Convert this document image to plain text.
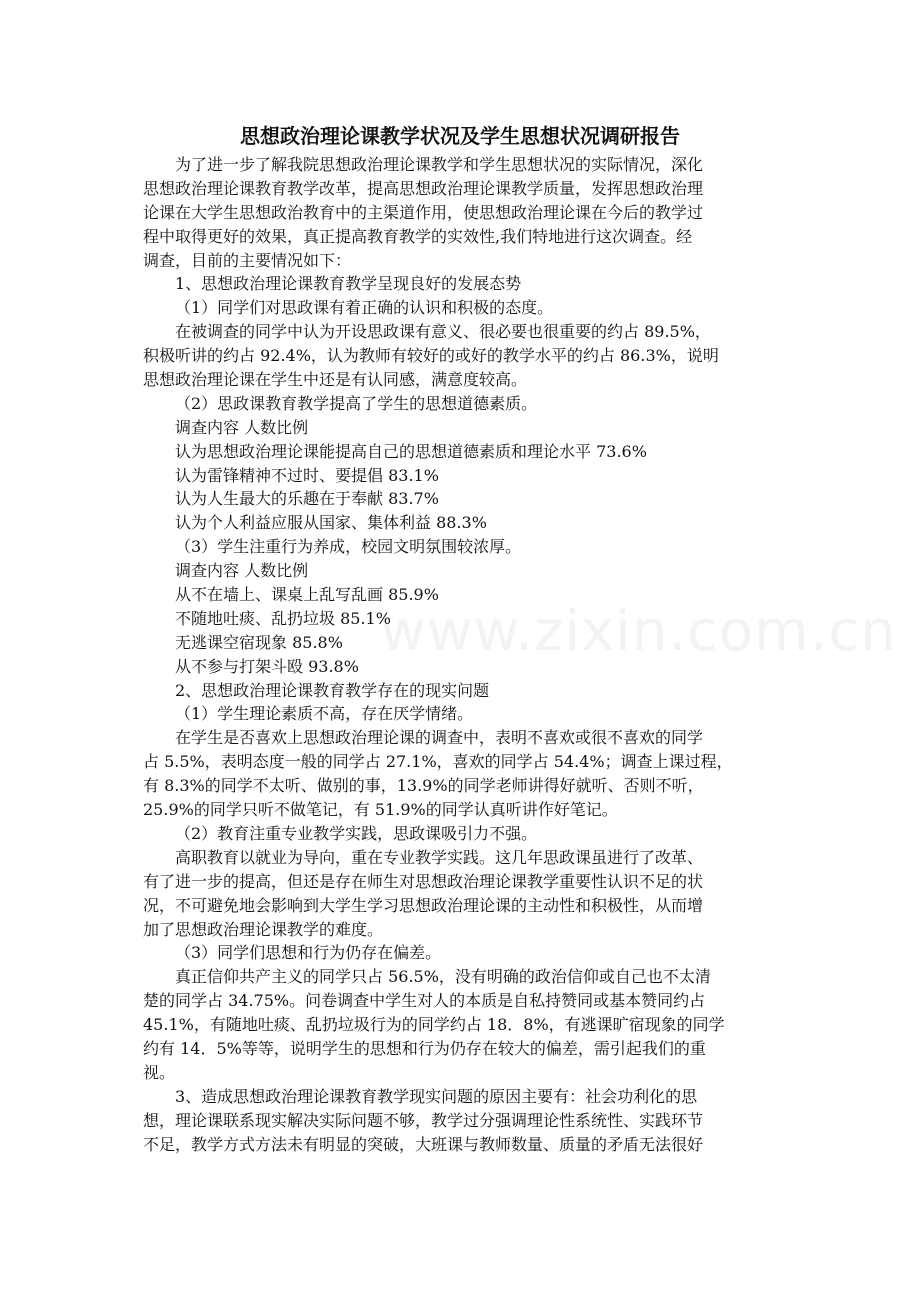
www.zixin.com.cn
思想政治理论课教学状况及学生思想状况调研报告
为了进一步了解我院思想政治理论课教学和学生思想状况的实际情况，深化
思想政治理论课教育教学改革，提高思想政治理论课教学质量，发挥思想政治理
论课在大学生思想政治教育中的主渠道作用，使思想政治理论课在今后的教学过
程中取得更好的效果，真正提高教育教学的实效性,我们特地进行这次调查。经
调查，目前的主要情况如下：
1、思想政治理论课教育教学呈现良好的发展态势
（1）同学们对思政课有着正确的认识和积极的态度。
在被调查的同学中认为开设思政课有意义、很必要也很重要的约占 89.5%，
积极听讲的约占 92.4%，认为教师有较好的或好的教学水平的约占 86.3%，说明
思想政治理论课在学生中还是有认同感，满意度较高。
（2）思政课教育教学提高了学生的思想道德素质。
调查内容 人数比例
认为思想政治理论课能提高自己的思想道德素质和理论水平 73.6%
认为雷锋精神不过时、要提倡 83.1%
认为人生最大的乐趣在于奉献 83.7%
认为个人利益应服从国家、集体利益 88.3%
（3）学生注重行为养成，校园文明氛围较浓厚。
调查内容 人数比例
从不在墙上、课桌上乱写乱画 85.9%
不随地吐痰、乱扔垃圾 85.1%
无逃课空宿现象 85.8%
从不参与打架斗殴 93.8%
2、思想政治理论课教育教学存在的现实问题
（1）学生理论素质不高，存在厌学情绪。
在学生是否喜欢上思想政治理论课的调查中，表明不喜欢或很不喜欢的同学
占 5.5%，表明态度一般的同学占 27.1%，喜欢的同学占 54.4%；调查上课过程，
有 8.3%的同学不太听、做别的事，13.9%的同学老师讲得好就听、否则不听，
25.9%的同学只听不做笔记，有 51.9%的同学认真听讲作好笔记。
（2）教育注重专业教学实践，思政课吸引力不强。
高职教育以就业为导向，重在专业教学实践。这几年思政课虽进行了改革、
有了进一步的提高，但还是存在师生对思想政治理论课教学重要性认识不足的状
况，不可避免地会影响到大学生学习思想政治理论课的主动性和积极性，从而增
加了思想政治理论课教学的难度。
（3）同学们思想和行为仍存在偏差。
真正信仰共产主义的同学只占 56.5%，没有明确的政治信仰或自己也不太清
楚的同学占 34.75%。问卷调查中学生对人的本质是自私持赞同或基本赞同约占
45.1%，有随地吐痰、乱扔垃圾行为的同学约占 18．8%，有逃课旷宿现象的同学
约有 14．5%等等，说明学生的思想和行为仍存在较大的偏差，需引起我们的重
视。
3、造成思想政治理论课教育教学现实问题的原因主要有：社会功利化的思
想，理论课联系现实解决实际问题不够，教学过分强调理论性系统性、实践环节
不足，教学方式方法未有明显的突破，大班课与教师数量、质量的矛盾无法很好
